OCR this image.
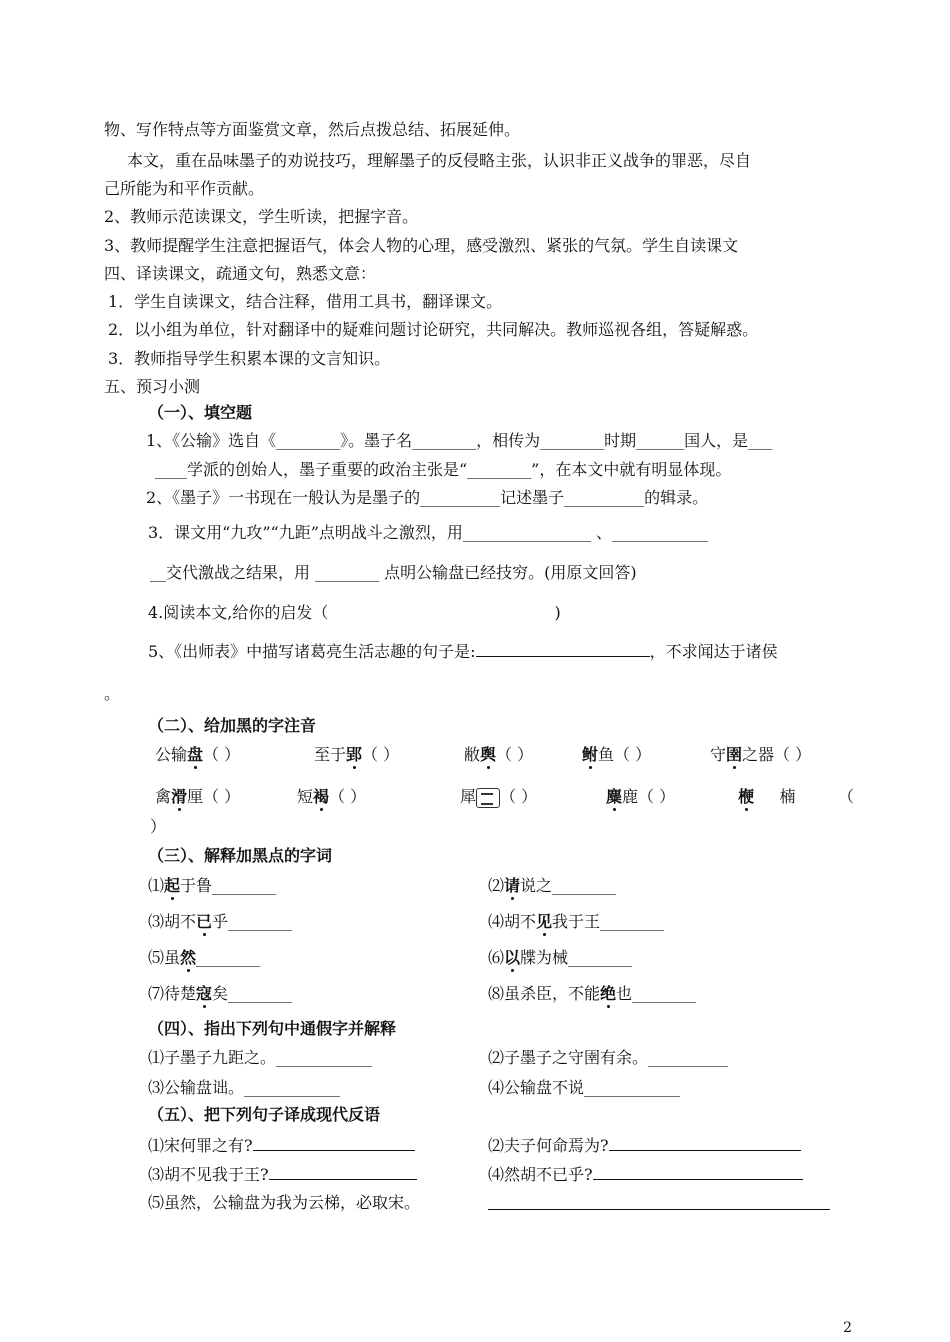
物、写作特点等方面鉴赏文章，然后点拨总结、拓展延伸。
本文，重在品味墨子的劝说技巧，理解墨子的反侵略主张，认识非正义战争的罪恶，尽自
己所能为和平作贡献。
2、教师示范读课文，学生听读，把握字音。
3、教师提醒学生注意把握语气，体会人物的心理，感受激烈、紧张的气氛。学生自读课文
四、译读课文，疏通文句，熟悉文意：
1．学生自读课文，结合注释，借用工具书，翻译课文。
2．以小组为单位，针对翻译中的疑难问题讨论研究，共同解决。教师巡视各组，答疑解惑。
3．教师指导学生积累本课的文言知识。
五、预习小测
（一）、填空题
1、《公输》选自《________》。墨子名________，相传为________时期______国人，是___
____学派的创始人，墨子重要的政治主张是“________”，在本文中就有明显体现。
2、《墨子》一书现在一般认为是墨子的__________记述墨子__________的辑录。
3．课文用“九攻”“九距”点明战斗之激烈，用________________ 、____________
__交代激战之结果，用 ________ 点明公输盘已经技穷。(用原文回答)
4.阅读本文,给你的启发（	)
5、《出师表》中描写诸葛亮生活志趣的句子是:	，不求闻达于诸侯
。
（二）、给加黑的字注音
公输盘（ ）	至于郢（ ）	敝舆（ ）	鲋鱼（ ）	守圉之器（ ）
禽滑厘（ ）	短褐（ ）	犀 （ ）	麋鹿（ ）	楩 楠	（
）
（三）、解释加黑点的字词
⑴起于鲁________	⑵请说之________
⑶胡不已乎________	⑷胡不见我于王________
⑸虽然________	⑹以牒为械________
⑺待楚寇矣________	⑻虽杀臣，不能绝也________
（四）、指出下列句中通假字并解释
⑴子墨子九距之。____________	⑵子墨子之守圉有余。__________
⑶公输盘诎。____________	⑷公输盘不说____________
（五）、把下列句子译成现代反语
⑴宋何罪之有?	⑵夫子何命焉为?
⑶胡不见我于王?	⑷然胡不已乎?
⑸虽然，公输盘为我为云梯，必取宋。
2
